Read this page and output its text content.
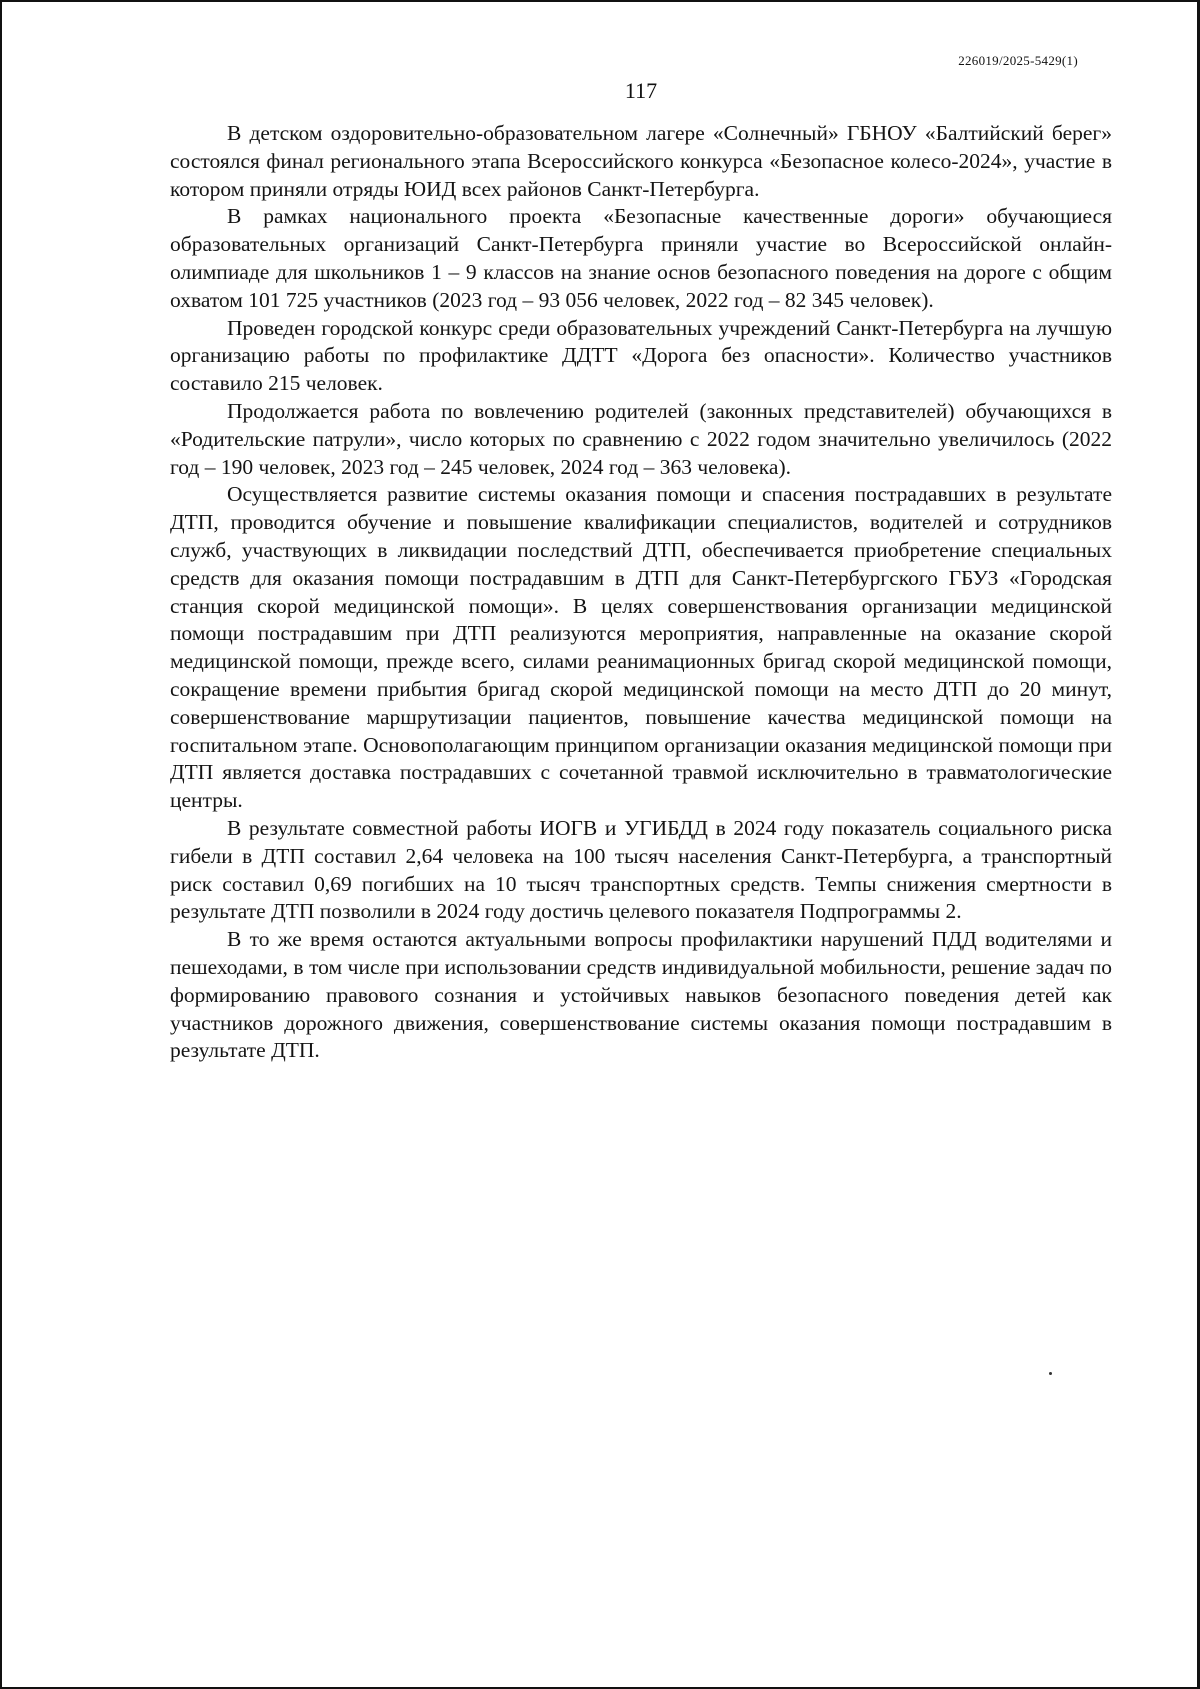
226019/2025-5429(1)
117

В детском оздоровительно-образовательном лагере «Солнечный» ГБНОУ «Балтийский берег» состоялся финал регионального этапа Всероссийского конкурса «Безопасное колесо-2024», участие в котором приняли отряды ЮИД всех районов Санкт-Петербурга.

В рамках национального проекта «Безопасные качественные дороги» обучающиеся образовательных организаций Санкт-Петербурга приняли участие во Всероссийской онлайн-олимпиаде для школьников 1 – 9 классов на знание основ безопасного поведения на дороге с общим охватом 101 725 участников (2023 год – 93 056 человек, 2022 год – 82 345 человек).

Проведен городской конкурс среди образовательных учреждений Санкт-Петербурга на лучшую организацию работы по профилактике ДДТТ «Дорога без опасности». Количество участников составило 215 человек.

Продолжается работа по вовлечению родителей (законных представителей) обучающихся в «Родительские патрули», число которых по сравнению с 2022 годом значительно увеличилось (2022 год – 190 человек, 2023 год – 245 человек, 2024 год – 363 человека).

Осуществляется развитие системы оказания помощи и спасения пострадавших в результате ДТП, проводится обучение и повышение квалификации специалистов, водителей и сотрудников служб, участвующих в ликвидации последствий ДТП, обеспечивается приобретение специальных средств для оказания помощи пострадавшим в ДТП для Санкт-Петербургского ГБУЗ «Городская станция скорой медицинской помощи». В целях совершенствования организации медицинской помощи пострадавшим при ДТП реализуются мероприятия, направленные на оказание скорой медицинской помощи, прежде всего, силами реанимационных бригад скорой медицинской помощи, сокращение времени прибытия бригад скорой медицинской помощи на место ДТП до 20 минут, совершенствование маршрутизации пациентов, повышение качества медицинской помощи на госпитальном этапе. Основополагающим принципом организации оказания медицинской помощи при ДТП является доставка пострадавших с сочетанной травмой исключительно в травматологические центры.

В результате совместной работы ИОГВ и УГИБДД в 2024 году показатель социального риска гибели в ДТП составил 2,64 человека на 100 тысяч населения Санкт-Петербурга, а транспортный риск составил 0,69 погибших на 10 тысяч транспортных средств. Темпы снижения смертности в результате ДТП позволили в 2024 году достичь целевого показателя Подпрограммы 2.

В то же время остаются актуальными вопросы профилактики нарушений ПДД водителями и пешеходами, в том числе при использовании средств индивидуальной мобильности, решение задач по формированию правового сознания и устойчивых навыков безопасного поведения детей как участников дорожного движения, совершенствование системы оказания помощи пострадавшим в результате ДТП.
